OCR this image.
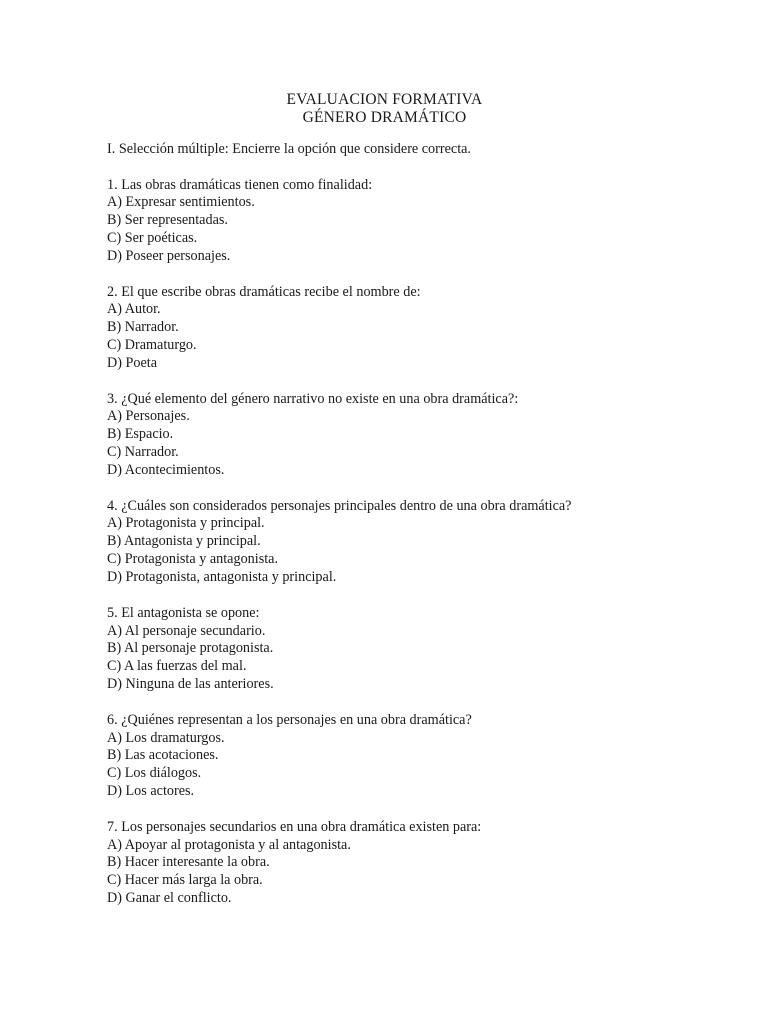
EVALUACION FORMATIVA
GÉNERO DRAMÁTICO
I. Selección múltiple: Encierre la opción que considere correcta.
1. Las obras dramáticas tienen como finalidad:
A) Expresar sentimientos.
B) Ser representadas.
C) Ser poéticas.
D) Poseer personajes.
2. El que escribe obras dramáticas recibe el nombre de:
A) Autor.
B) Narrador.
C) Dramaturgo.
D) Poeta
3. ¿Qué elemento del género narrativo no existe en una obra dramática?:
A) Personajes.
B) Espacio.
C) Narrador.
D) Acontecimientos.
4. ¿Cuáles son considerados personajes principales dentro de una obra dramática?
A) Protagonista y principal.
B) Antagonista y principal.
C) Protagonista y antagonista.
D) Protagonista, antagonista y principal.
5. El antagonista se opone:
A) Al personaje secundario.
B) Al personaje protagonista.
C) A las fuerzas del mal.
D) Ninguna de las anteriores.
6. ¿Quiénes representan a los personajes en una obra dramática?
A) Los dramaturgos.
B) Las acotaciones.
C) Los diálogos.
D) Los actores.
7. Los personajes secundarios en una obra dramática existen para:
A) Apoyar al protagonista y al antagonista.
B) Hacer interesante la obra.
C) Hacer más larga la obra.
D) Ganar el conflicto.
